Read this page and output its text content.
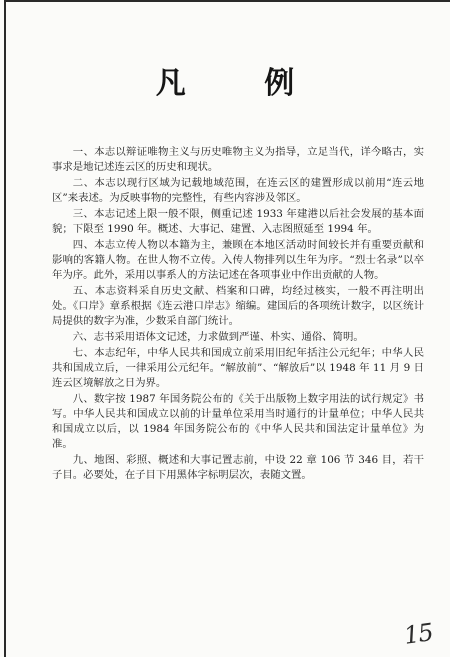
凡 例

一、本志以辩证唯物主义与历史唯物主义为指导，立足当代，详今略古，实事求是地记述连云区的历史和现状。

二、本志以现行区域为记载地域范围，在连云区的建置形成以前用“连云地区”来表述。为反映事物的完整性，有些内容涉及邻区。

三、本志记述上限一般不限，侧重记述 1933 年建港以后社会发展的基本面貌；下限至 1990 年。概述、大事记、建置、入志图照延至 1994 年。

四、本志立传人物以本籍为主，兼顾在本地区活动时间较长并有重要贡献和影响的客籍人物。在世人物不立传。入传人物排列以生年为序。“烈士名录”以卒年为序。此外，采用以事系人的方法记述在各项事业中作出贡献的人物。

五、本志资料采自历史文献、档案和口碑，均经过核实，一般不再注明出处。《口岸》章系根据《连云港口岸志》缩编。建国后的各项统计数字，以区统计局提供的数字为准，少数采自部门统计。

六、志书采用语体文记述，力求做到严谨、朴实、通俗、简明。

七、本志纪年，中华人民共和国成立前采用旧纪年括注公元纪年；中华人民共和国成立后，一律采用公元纪年。“解放前”、“解放后”以 1948 年 11 月 9 日连云区境解放之日为界。

八、数字按 1987 年国务院公布的《关于出版物上数字用法的试行规定》书写。中华人民共和国成立以前的计量单位采用当时通行的计量单位；中华人民共和国成立以后，以 1984 年国务院公布的《中华人民共和国法定计量单位》为准。

九、地图、彩照、概述和大事记置志前，中设 22 章 106 节 346 目，若干子目。必要处，在子目下用黑体字标明层次，表随文置。

15
